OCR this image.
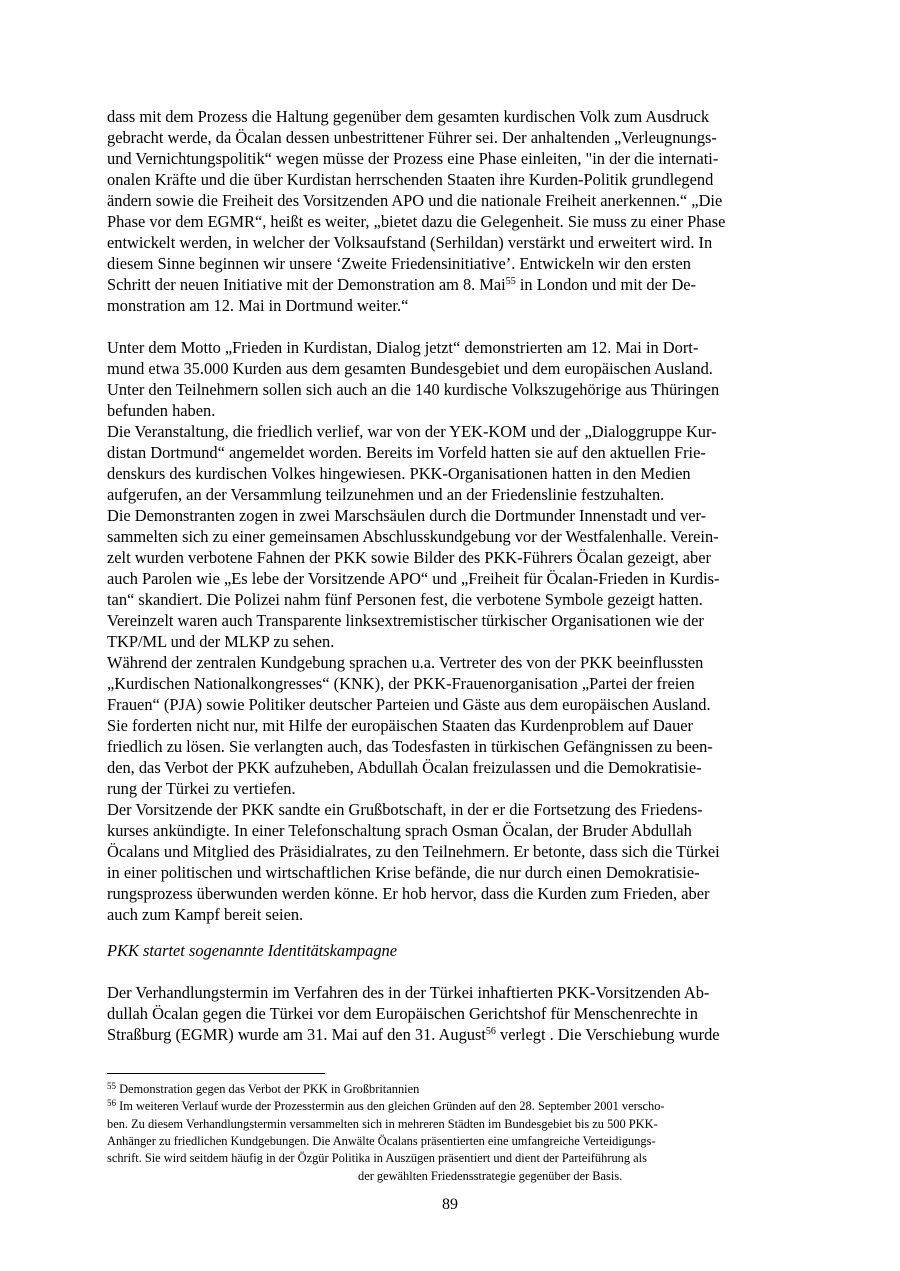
dass mit dem Prozess die Haltung gegenüber dem gesamten kurdischen Volk zum Ausdruck
gebracht werde, da Öcalan dessen unbestrittener Führer sei. Der anhaltenden „Verleugnungs-
und Vernichtungspolitik“ wegen müsse der Prozess eine Phase einleiten, "in der die internati-
onalen Kräfte und die über Kurdistan herrschenden Staaten ihre Kurden-Politik grundlegend
ändern sowie die Freiheit des Vorsitzenden APO und die nationale Freiheit anerkennen.“ „Die
Phase vor dem EGMR“, heißt es weiter, „bietet dazu die Gelegenheit. Sie muss zu einer Phase
entwickelt werden, in welcher der Volksaufstand (Serhildan) verstärkt und erweitert wird. In
diesem Sinne beginnen wir unsere ‘Zweite Friedensinitiative’. Entwickeln wir den ersten
Schritt der neuen Initiative mit der Demonstration am 8. Mai$^{55}$ in London und mit der De-
monstration am 12. Mai in Dortmund weiter.“
Unter dem Motto „Frieden in Kurdistan, Dialog jetzt“ demonstrierten am 12. Mai in Dort-
mund etwa 35.000 Kurden aus dem gesamten Bundesgebiet und dem europäischen Ausland.
Unter den Teilnehmern sollen sich auch an die 140 kurdische Volkszugehörige aus Thüringen
befunden haben.
Die Veranstaltung, die friedlich verlief, war von der YEK-KOM und der „Dialoggruppe Kur-
distan Dortmund“ angemeldet worden. Bereits im Vorfeld hatten sie auf den aktuellen Frie-
denskurs des kurdischen Volkes hingewiesen. PKK-Organisationen hatten in den Medien
aufgerufen, an der Versammlung teilzunehmen und an der Friedenslinie festzuhalten.
Die Demonstranten zogen in zwei Marschsäulen durch die Dortmunder Innenstadt und ver-
sammelten sich zu einer gemeinsamen Abschlusskundgebung vor der Westfalenhalle. Verein-
zelt wurden verbotene Fahnen der PKK sowie Bilder des PKK-Führers Öcalan gezeigt, aber
auch Parolen wie „Es lebe der Vorsitzende APO“ und „Freiheit für Öcalan-Frieden in Kurdis-
tan“ skandiert. Die Polizei nahm fünf Personen fest, die verbotene Symbole gezeigt hatten.
Vereinzelt waren auch Transparente linksextremistischer türkischer Organisationen wie der
TKP/ML und der MLKP zu sehen.
Während der zentralen Kundgebung sprachen u.a. Vertreter des von der PKK beeinflussten
„Kurdischen Nationalkongresses“ (KNK), der PKK-Frauenorganisation „Partei der freien
Frauen“ (PJA) sowie Politiker deutscher Parteien und Gäste aus dem europäischen Ausland.
Sie forderten nicht nur, mit Hilfe der europäischen Staaten das Kurdenproblem auf Dauer
friedlich zu lösen. Sie verlangten auch, das Todesfasten in türkischen Gefängnissen zu been-
den, das Verbot der PKK aufzuheben, Abdullah Öcalan freizulassen und die Demokratisie-
rung der Türkei zu vertiefen.
Der Vorsitzende der PKK sandte ein Grußbotschaft, in der er die Fortsetzung des Friedens-
kurses ankündigte. In einer Telefonschaltung sprach Osman Öcalan, der Bruder Abdullah
Öcalans und Mitglied des Präsidialrates, zu den Teilnehmern. Er betonte, dass sich die Türkei
in einer politischen und wirtschaftlichen Krise befände, die nur durch einen Demokratisie-
rungsprozess überwunden werden könne. Er hob hervor, dass die Kurden zum Frieden, aber
auch zum Kampf bereit seien.
PKK startet sogenannte Identitätskampagne
Der Verhandlungstermin im Verfahren des in der Türkei inhaftierten PKK-Vorsitzenden Ab-
dullah Öcalan gegen die Türkei vor dem Europäischen Gerichtshof für Menschenrechte in
Straßburg (EGMR) wurde am 31. Mai auf den 31. August$^{56}$ verlegt . Die Verschiebung wurde
$^{55}$ Demonstration gegen das Verbot der PKK in Großbritannien
$^{56}$ Im weiteren Verlauf wurde der Prozesstermin aus den gleichen Gründen auf den 28. September 2001 verscho-
ben. Zu diesem Verhandlungstermin versammelten sich in mehreren Städten im Bundesgebiet bis zu 500 PKK-
Anhänger zu friedlichen Kundgebungen. Die Anwälte Öcalans präsentierten eine umfangreiche Verteidigungs-
schrift. Sie wird seitdem häufig in der Özgür Politika in Auszügen präsentiert und dient der Parteiführung als
der gewählten Friedensstrategie gegenüber der Basis.
89
